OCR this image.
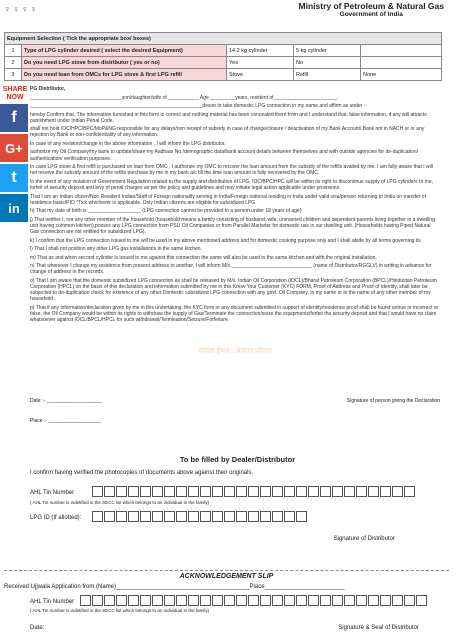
♀♀♀♀	Ministry of Petroleum & Natural Gas
Government of India
Equipment Selection ( Tick the appropriate box/ boxes)				
1	Type of LPG cylinder desired ( select the desired Equipment)	14.2 kg cylinder	5 kg cylinder	
2	Do you need LPG stove from distributor ( yes or no)	Yes	No	
3	Do you need loan from OMCs for LPG stove & first LPG refill	Stove	Refill	None
SHARE NOW
f
G+
t
in

PG Distributor,

_________________________________son/daughter/wife of ___________ Age _________years, resident of_______________________

______________________________________________________________desire to take domestic LPG connection in my name and affirm as under :-

hereby Confirm that, The information furnished in this form is correct and nothing material has been concealed there from and I understand that, false information, if any will attracts punishment under Indian Penal Code.

shall not hold IOC/HPC/BPC/MoP&NG responsible for any delays/non receipt of subsidy in case of change/closure / deactivation of my Bank Account/ Bank not in NACH or or any rejection by Bank or non-confidentiality of any information.

In case of any revision/change in the above information , I will inform the LPG distributor.

authorize my Oil Company/my bank to update/share my Aadhaar No./demographic data/bank account details between themselves and with outside agencies for de-duplication/ authentication/ verification purposes.

In case LPG stove & first refill is purchased on loan from OMC , I authorize my OMC to recover the loan amount from the subsidy of the refills availed by me. I am fully aware that I will not receive the subsidy amount of the refills purchase by me in my bank a/c till the time loan amount is fully recovered by the OMC.

In the event of any violation of Government Regulation related to the supply and distribution of LPG, IOC/BPC/HPC will be within its right to discontinue supply of LPG cylinders to me, forfeit of security deposit and levy of penal charges as per the policy and guidelines and may initiate legal action applicable under provisions

That I am an Indian citizen/Non Resident Indian/Staff of Foreign nationality serving in India/Foreign national residing in India under valid visa/person returning to India on transfer of residence basis/PIO *Tick whichever is applicable. Only Indian citizens are eligible for subsidized LPG.

h) That my date of birth is ___________________ (LPG connection cannot be provided to a person under 18 years of age)

j) That neither I, nor any other member of the household (household means a family consisting of husband, wife, unmarried children and dependent parents living together in a dwelling unit having common kitchen),posses any LPG connection from PSU Oil Companies or from Parallel Marketer for domestic use in our dwelling unit. (Households having Piped Natural Gas connection are not entitled for subsidized LPG).

k) I confirm that the LPG connection issued to me will be used in my above mentioned address and for domestic cooking purpose only and I shall abide by all terms governing its

l) That I shall not position any other LPG gas installations in the same kitchen.

m) That as and when second cylinder is issued to me against this connection the same will also be used in the same kitchen and with the original installation.

n) That whenever I change my residence from present address to another, I will inform M/s._____________________________ (name of Distributor/RGGLV) in writing in advance for change of address in the records.

o) That I am aware that the domestic subsidized LPG connection as shall be released by M/s. Indian Oil Corporation (IOCL)/Bharat Petroleum Corporation (BPCL)/Hindustan Petroleum Corporation (HPCL) on the basis of this declaration and information submitted by me in this Know Your Customer (KYC) FORM, Proof of Address and Proof of Identity, shall later be subjected to de-duplication check for existence of any other Domestic subsidized LPG connection with any govt. Oil Company, in my name or in the name of any other member of my household .

p) That if any information/declaration given by me in this undertaking, the KYC form or any document submitted in support of identity/residence proof shall be found untrue or incorrect or false, the Oil Company would be within its rights to withdraw the supply of Gas/Terminate the connection/seize the equipments/forfeit the security deposit and that I would have no claim whatsoever against IOCL/BPCL/HPCL for such withdrawal/Termination/Seizure/Forfeiture.

स्वच्छ ईंधन...बेहतर जीवन
Date :- ____________________	Signature of person giving the Declaration
Place :- ___________________
To be filled by Dealer/Distributor
I confirm having verified the photocopies of documents above against their originals.
AHL Tin Number
( AHL Tin number is indetified in the SECC list which belongs to an individual in the family)
LPG ID (If allotted):
Signature of Distributor
ACKNOWLEDGEMENT SLIP
Received Ujjwala Application from (Name)________________________________________Place________________________
AHL Tin Number
( AHL Tin number is indetified in the SECC list which belongs to an individual in the family)
Date:	Signature & Seal of Distributor
